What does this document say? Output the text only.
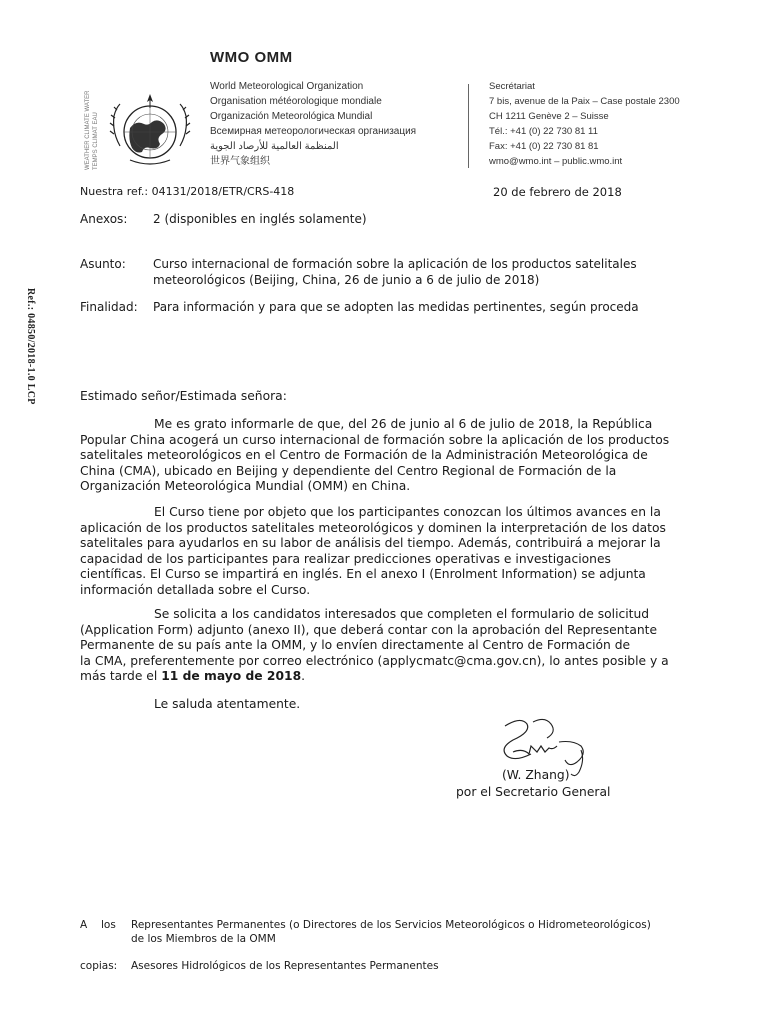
WMO OMM
WEATHER CLIMATE WATER TEMPS CLIMAT EAU
World Meteorological Organization
Organisation météorologique mondiale
Organización Meteorológica Mundial
Всемирная метеорологическая организация
المنظمة العالمية للأرصاد الجوية
世界气象组织
Secrétariat
7 bis, avenue de la Paix – Case postale 2300
CH 1211 Genève 2 – Suisse
Tél.: +41 (0) 22 730 81 11
Fax: +41 (0) 22 730 81 81
wmo@wmo.int – public.wmo.int
Ref.: 04850/2018-1.0 LCP
Nuestra ref.: 04131/2018/ETR/CRS-418	20 de febrero de 2018
Anexos: 2 (disponibles en inglés solamente)
Asunto: Curso internacional de formación sobre la aplicación de los productos satelitales
meteorológicos (Beijing, China, 26 de junio a 6 de julio de 2018)
Finalidad: Para información y para que se adopten las medidas pertinentes, según proceda
Estimado señor/Estimada señora:

Me es grato informarle de que, del 26 de junio al 6 de julio de 2018, la República

Popular China acogerá un curso internacional de formación sobre la aplicación de los productos

satelitales meteorológicos en el Centro de Formación de la Administración Meteorológica de

China (CMA), ubicado en Beijing y dependiente del Centro Regional de Formación de la

Organización Meteorológica Mundial (OMM) en China.

El Curso tiene por objeto que los participantes conozcan los últimos avances en la

aplicación de los productos satelitales meteorológicos y dominen la interpretación de los datos

satelitales para ayudarlos en su labor de análisis del tiempo. Además, contribuirá a mejorar la

capacidad de los participantes para realizar predicciones operativas e investigaciones

científicas. El Curso se impartirá en inglés. En el anexo I (Enrolment Information) se adjunta

información detallada sobre el Curso.

Se solicita a los candidatos interesados que completen el formulario de solicitud

(Application Form) adjunto (anexo II), que deberá contar con la aprobación del Representante

Permanente de su país ante la OMM, y lo envíen directamente al Centro de Formación de

la CMA, preferentemente por correo electrónico (applycmatc@cma.gov.cn), lo antes posible y a

más tarde el 11 de mayo de 2018.

Le saluda atentamente.
(W. Zhang)
por el Secretario General
A los Representantes Permanentes (o Directores de los Servicios Meteorológicos o Hidrometeorológicos)
de los Miembros de la OMM
copias: Asesores Hidrológicos de los Representantes Permanentes
